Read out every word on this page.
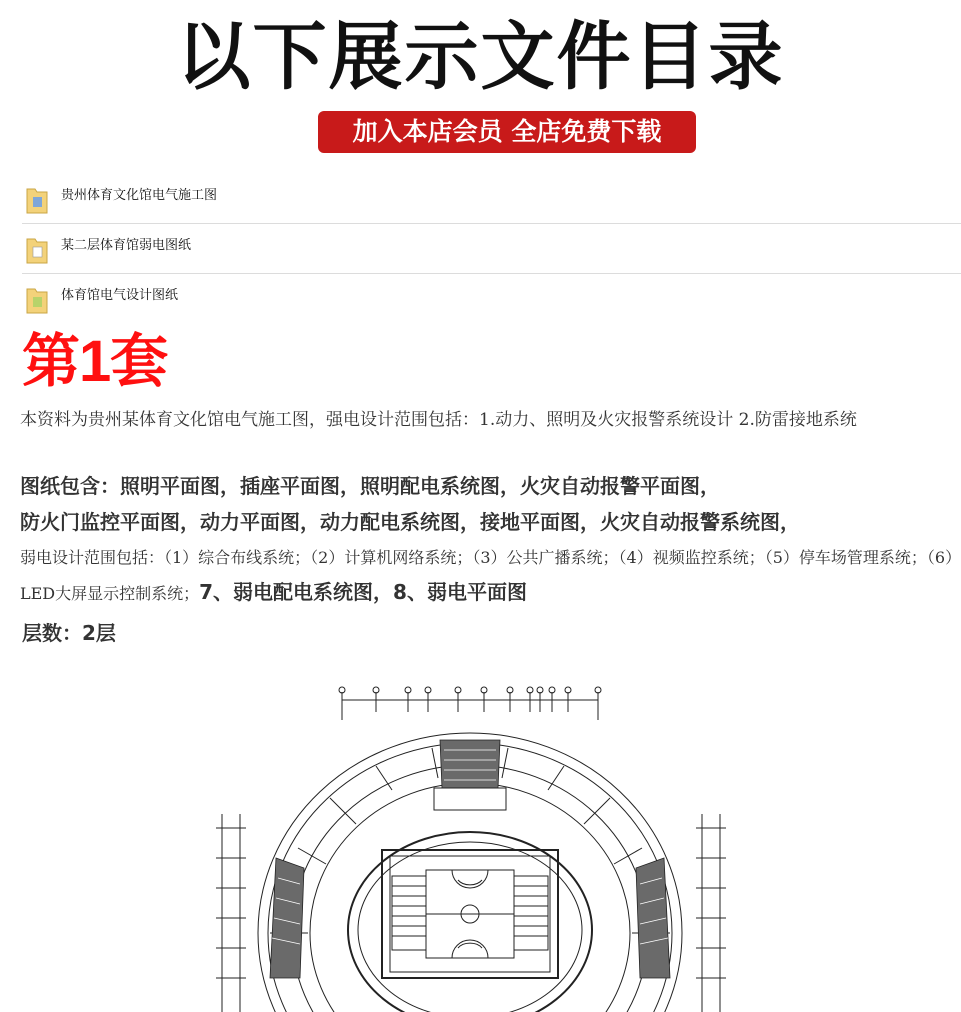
以下展示文件目录
加入本店会员 全店免费下载
贵州体育文化馆电气施工图
某二层体育馆弱电图纸
体育馆电气设计图纸
第1套
本资料为贵州某体育文化馆电气施工图，强电设计范围包括：1.动力、照明及火灾报警系统设计 2.防雷接地系统
图纸包含：照明平面图，插座平面图，照明配电系统图，火灾自动报警平面图，
防火门监控平面图，动力平面图，动力配电系统图，接地平面图，火灾自动报警系统图，
弱电设计范围包括：（1）综合布线系统；（2）计算机网络系统；（3）公共广播系统；（4）视频监控系统；（5）停车场管理系统；（6）LED大屏显示控制系统；7、弱电配电系统图，8、弱电平面图
层数：2层
